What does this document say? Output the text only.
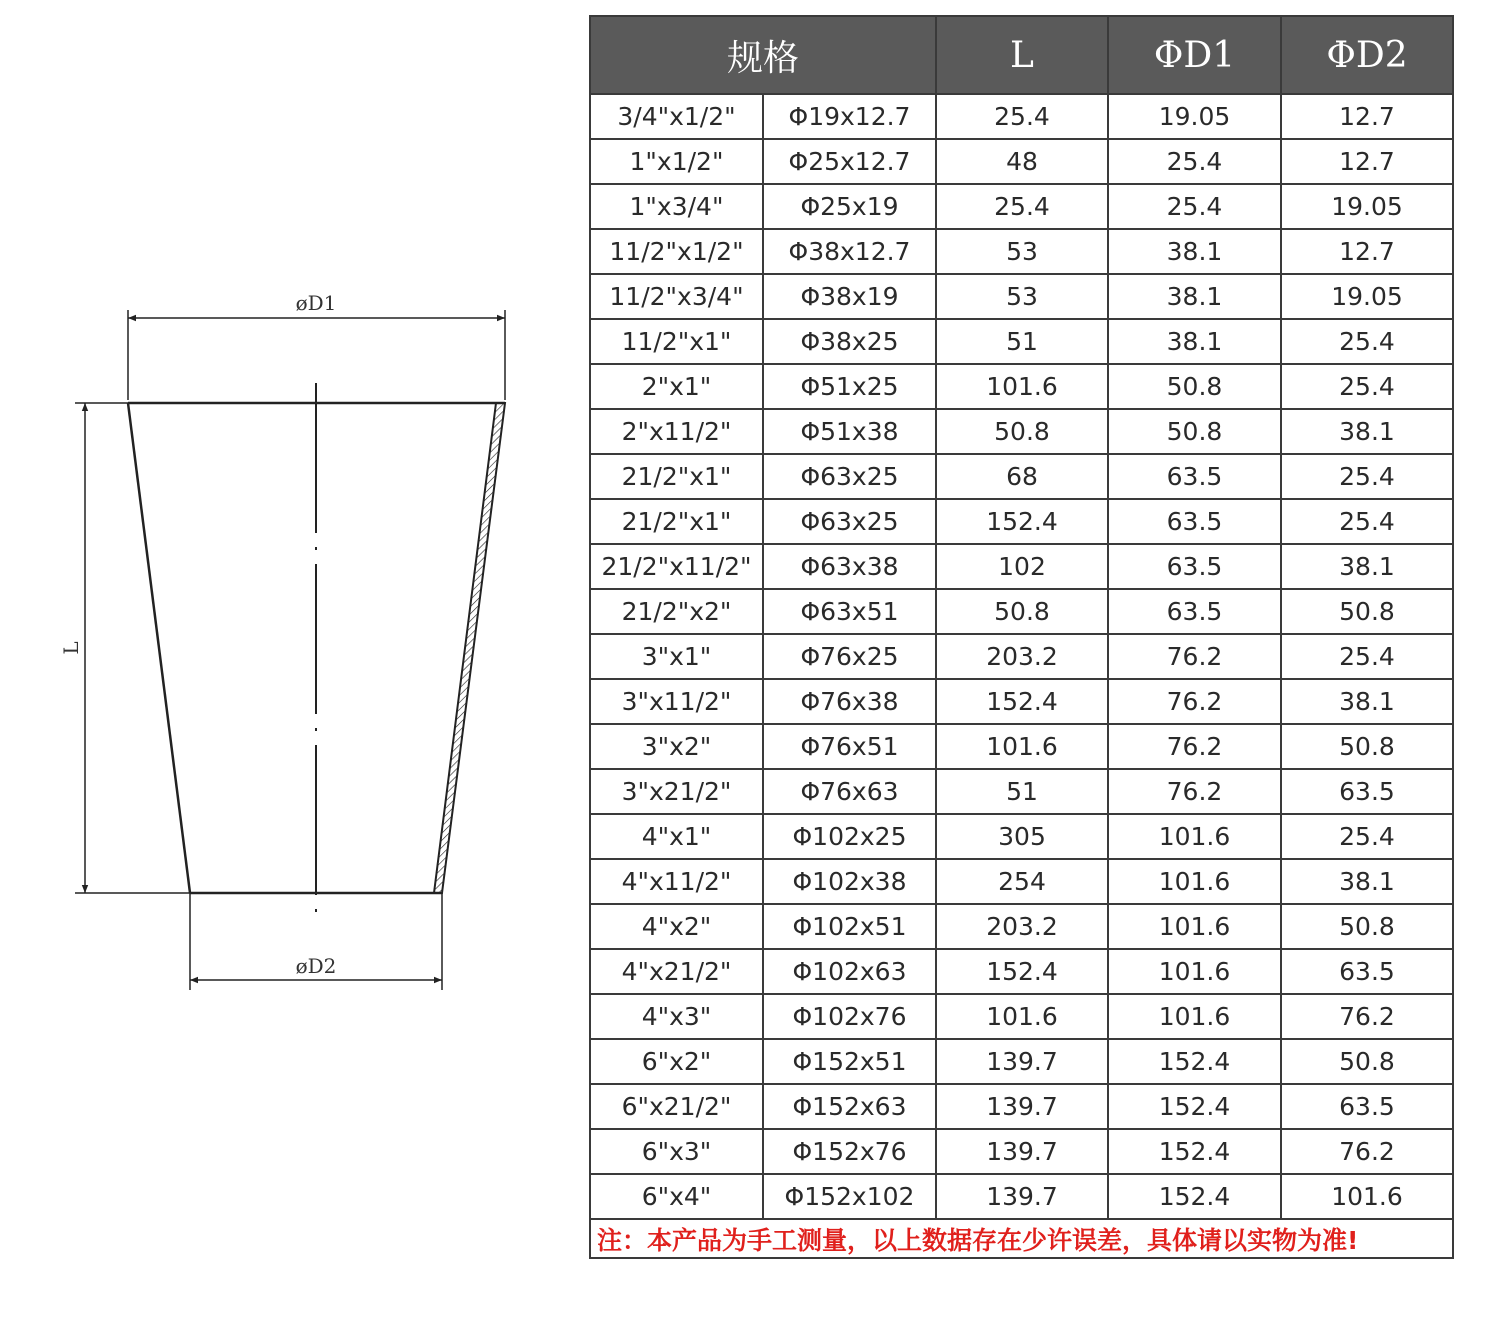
øD1
L
øD2
规格		L	ΦD1	ΦD2
3/4"x1/2"	Φ19x12.7	25.4	19.05	12.7
1"x1/2"	Φ25x12.7	48	25.4	12.7
1"x3/4"	Φ25x19	25.4	25.4	19.05
11/2"x1/2"	Φ38x12.7	53	38.1	12.7
11/2"x3/4"	Φ38x19	53	38.1	19.05
11/2"x1"	Φ38x25	51	38.1	25.4
2"x1"	Φ51x25	101.6	50.8	25.4
2"x11/2"	Φ51x38	50.8	50.8	38.1
21/2"x1"	Φ63x25	68	63.5	25.4
21/2"x1"	Φ63x25	152.4	63.5	25.4
21/2"x11/2"	Φ63x38	102	63.5	38.1
21/2"x2"	Φ63x51	50.8	63.5	50.8
3"x1"	Φ76x25	203.2	76.2	25.4
3"x11/2"	Φ76x38	152.4	76.2	38.1
3"x2"	Φ76x51	101.6	76.2	50.8
3"x21/2"	Φ76x63	51	76.2	63.5
4"x1"	Φ102x25	305	101.6	25.4
4"x11/2"	Φ102x38	254	101.6	38.1
4"x2"	Φ102x51	203.2	101.6	50.8
4"x21/2"	Φ102x63	152.4	101.6	63.5
4"x3"	Φ102x76	101.6	101.6	76.2
6"x2"	Φ152x51	139.7	152.4	50.8
6"x21/2"	Φ152x63	139.7	152.4	63.5
6"x3"	Φ152x76	139.7	152.4	76.2
6"x4"	Φ152x102	139.7	152.4	101.6
注：本产品为手工测量，以上数据存在少许误差，具体请以实物为准!				
